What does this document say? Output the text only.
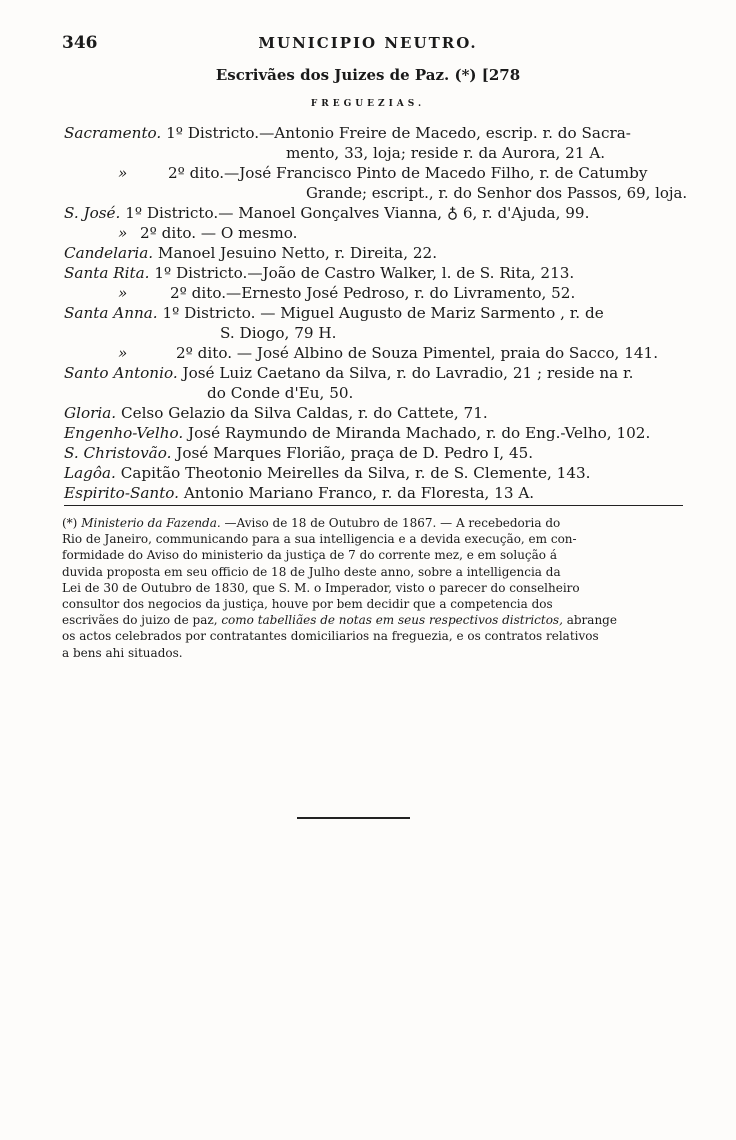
346	MUNICIPIO NEUTRO.
Escrivães dos Juizes de Paz. (*) [278
FREGUEZIAS.
Sacramento. 1º Districto.—Antonio Freire de Macedo, escrip. r. do Sacra-
mento, 33, loja; reside r. da Aurora, 21 A.
»	2º dito.—José Francisco Pinto de Macedo Filho, r. de Catumby
Grande; escript., r. do Senhor dos Passos, 69, loja.
S. José. 1º Districto.— Manoel Gonçalves Vianna, ♁ 6, r. d'Ajuda, 99.
» 2º dito. — O mesmo.
Candelaria. Manoel Jesuino Netto, r. Direita, 22.
Santa Rita. 1º Districto.—João de Castro Walker, l. de S. Rita, 213.
»	2º dito.—Ernesto José Pedroso, r. do Livramento, 52.
Santa Anna. 1º Districto. — Miguel Augusto de Mariz Sarmento , r. de
S. Diogo, 79 H.
»	2º dito. — José Albino de Souza Pimentel, praia do Sacco, 141.
Santo Antonio. José Luiz Caetano da Silva, r. do Lavradio, 21 ; reside na r.
do Conde d'Eu, 50.
Gloria. Celso Gelazio da Silva Caldas, r. do Cattete, 71.
Engenho-Velho. José Raymundo de Miranda Machado, r. do Eng.-Velho, 102.
S. Christovão. José Marques Florião, praça de D. Pedro I, 45.
Lagôa. Capitão Theotonio Meirelles da Silva, r. de S. Clemente, 143.
Espirito-Santo. Antonio Mariano Franco, r. da Floresta, 13 A.
(*) Ministerio da Fazenda. —Aviso de 18 de Outubro de 1867. — A recebedoria do
Rio de Janeiro, communicando para a sua intelligencia e a devida execução, em con-
formidade do Aviso do ministerio da justiça de 7 do corrente mez, e em solução á
duvida proposta em seu officio de 18 de Julho deste anno, sobre a intelligencia da
Lei de 30 de Outubro de 1830, que S. M. o Imperador, visto o parecer do conselheiro
consultor dos negocios da justiça, houve por bem decidir que a competencia dos
escrivães do juizo de paz, como tabelliães de notas em seus respectivos districtos, abrange
os actos celebrados por contratantes domiciliarios na freguezia, e os contratos relativos
a bens ahi situados.
